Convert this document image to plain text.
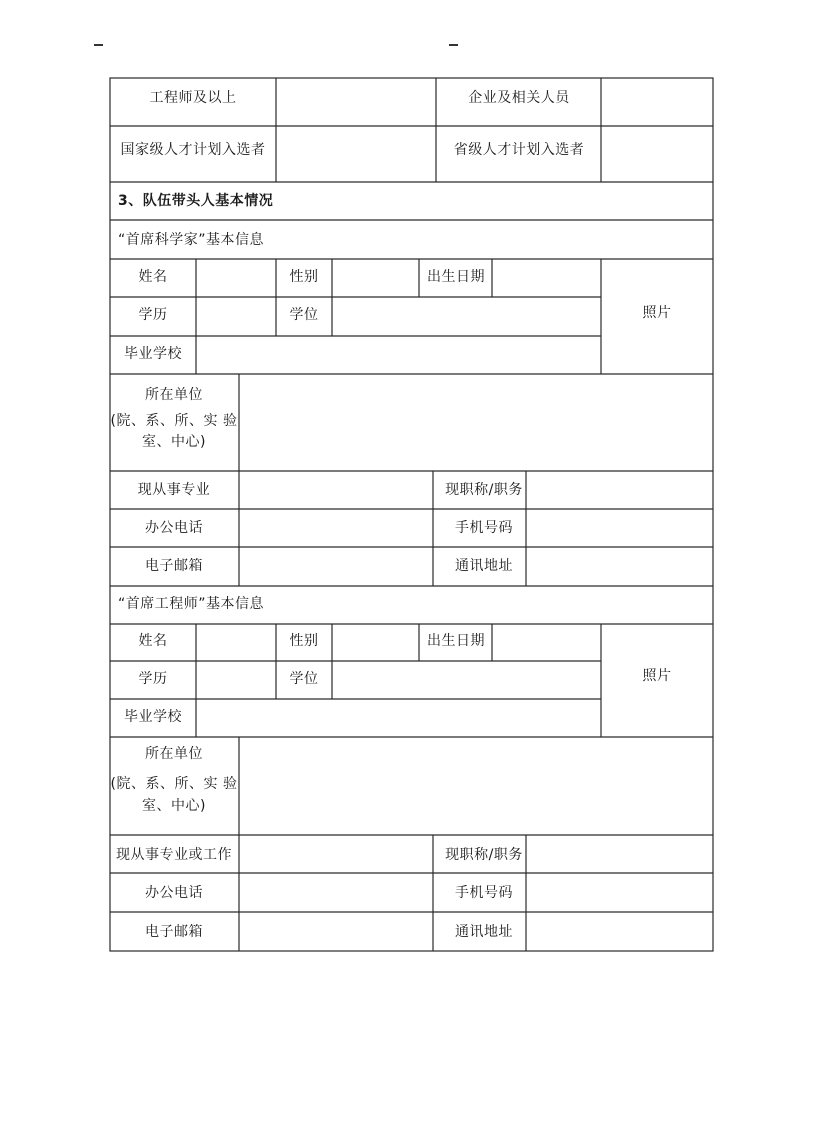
工程师及以上	企业及相关人员
国家级人才计划入选者	省级人才计划入选者
3、队伍带头人基本情况
“首席科学家”基本信息
姓名	性别	出生日期
照片
学历	学位
毕业学校
所在单位
(院、系、所、实 验
室、中心)
现从事专业	现职称/职务
办公电话	手机号码
电子邮箱	通讯地址
“首席工程师”基本信息
姓名	性别	出生日期
照片
学历	学位
毕业学校
所在单位
(院、系、所、实 验
室、中心)
现从事专业或工作	现职称/职务
办公电话	手机号码
电子邮箱	通讯地址
